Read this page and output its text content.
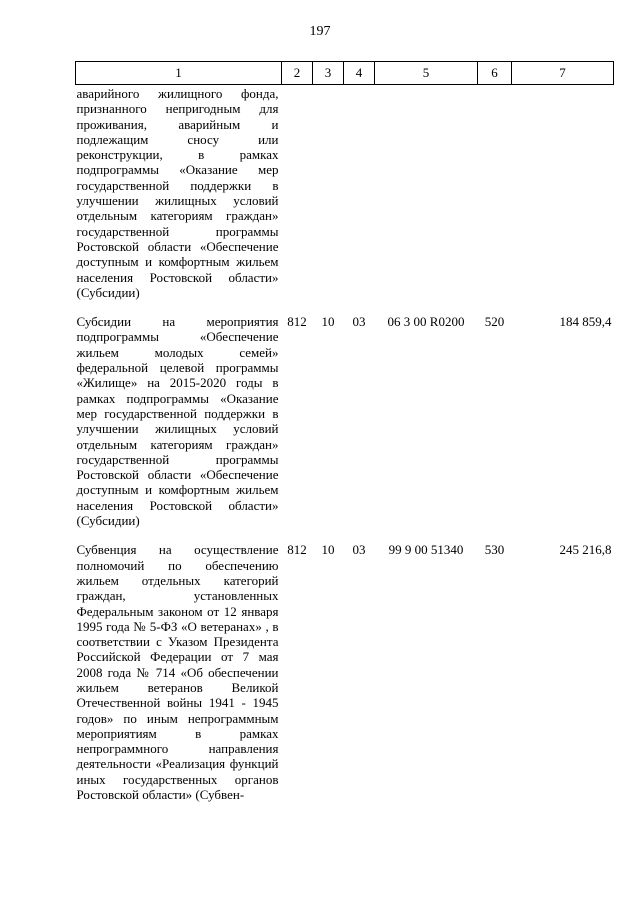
197
1	2	3	4	5	6	7
аварийного жилищного фонда, признанного непригодным для проживания, аварийным и подлежащим сносу или реконструкции, в рамках подпрограммы «Оказание мер государственной поддержки в улучшении жилищных условий отдельным категориям граждан» государственной программы Ростовской области «Обеспечение доступным и комфортным жильем населения Ростовской области» (Субсидии)						

Субсидии на мероприятия подпрограммы «Обеспечение жильем молодых семей» федеральной целевой программы «Жилище» на 2015-2020 годы в рамках подпрограммы «Оказание мер государственной поддержки в улучшении жилищных условий отдельным категориям граждан» государственной программы Ростовской области «Обеспечение доступным и комфортным жильем населения Ростовской области» (Субсидии)	812	10	03	06 3 00 R0200	520	184 859,4

Субвенция на осуществление полномочий по обеспечению жильем отдельных категорий граждан, установленных Федеральным законом от 12 января 1995 года № 5-ФЗ «О ветеранах» , в соответствии с Указом Президента Российской Федерации от 7 мая 2008 года № 714 «Об обеспечении жильем ветеранов Великой Отечественной войны 1941 - 1945 годов» по иным непрограммным мероприятиям в рамках непрограммного направления деятельности «Реализация функций иных государственных органов Ростовской области» (Субвен-	812	10	03	99 9 00 51340	530	245 216,8
